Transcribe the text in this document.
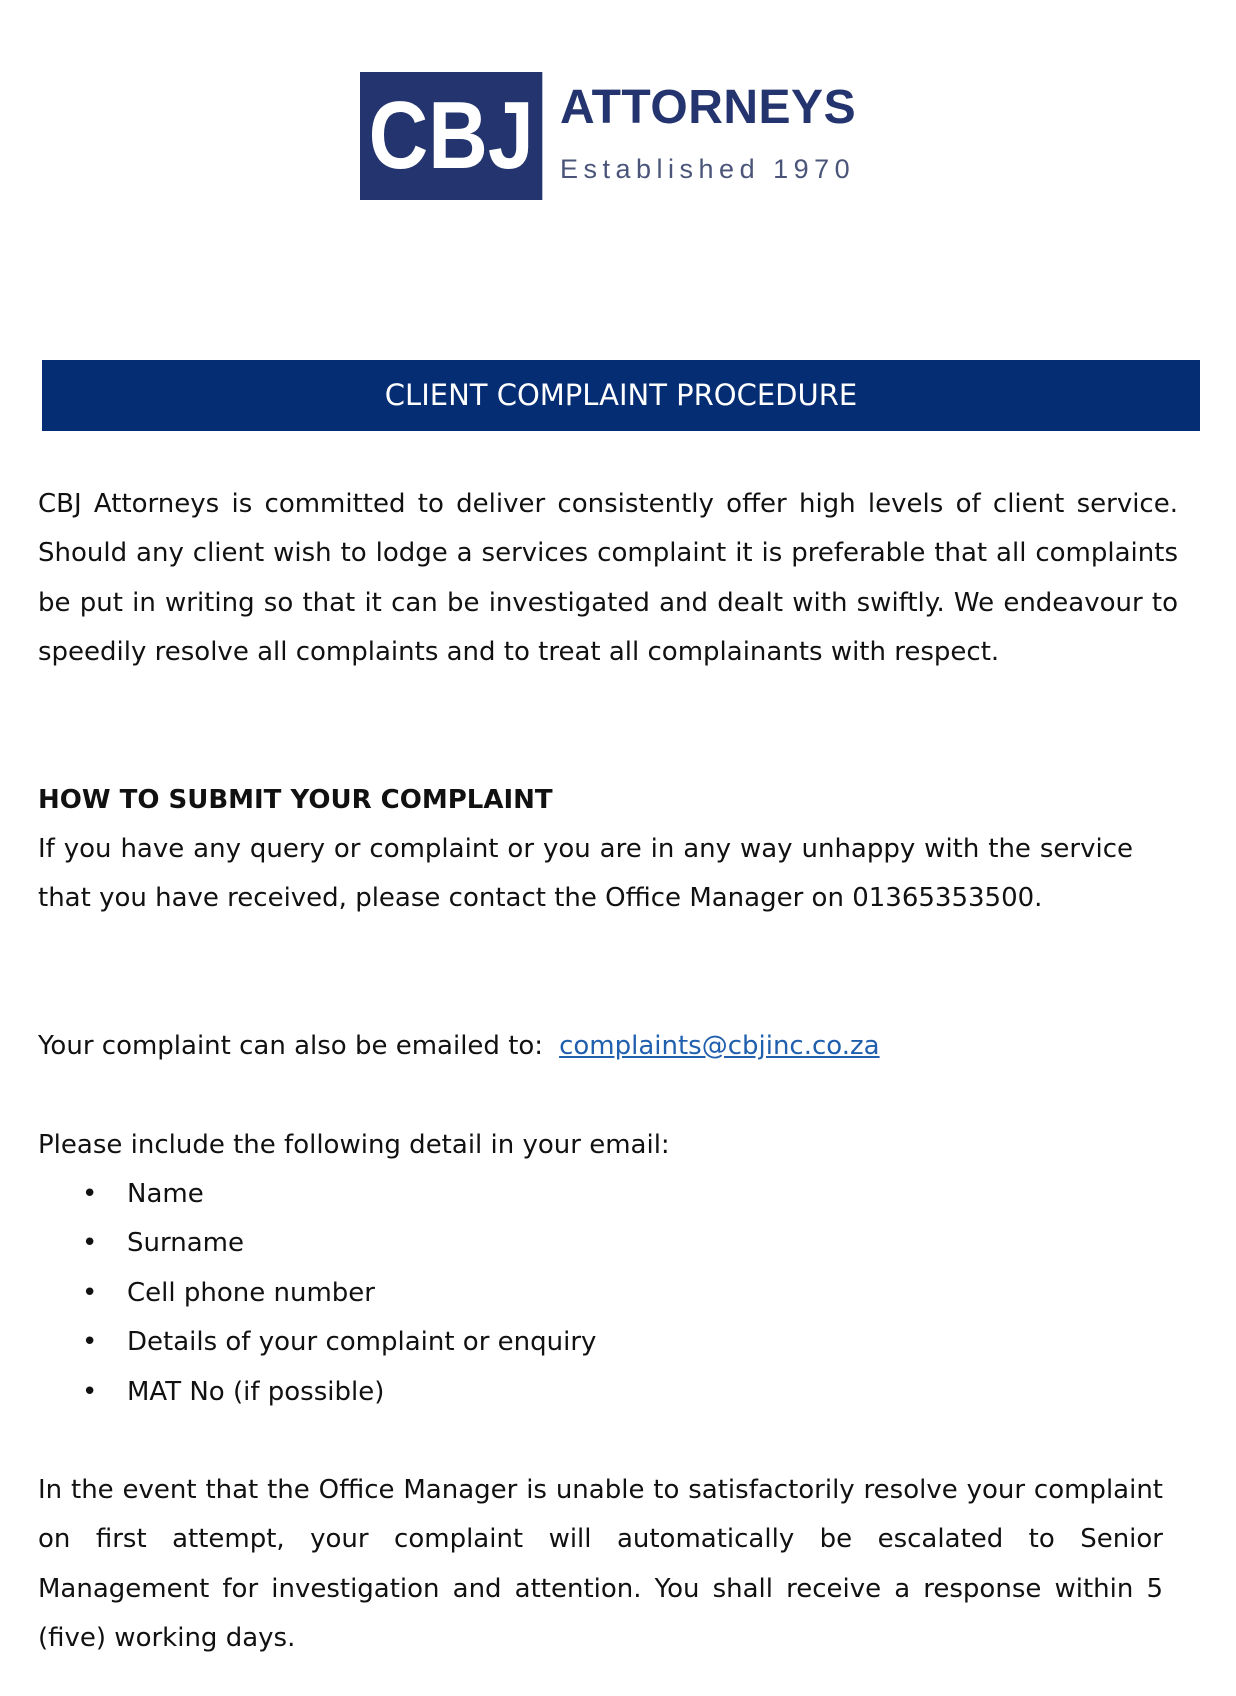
CBJ ATTORNEYS
Established 1970
CLIENT COMPLAINT PROCEDURE

CBJ Attorneys is committed to deliver consistently offer high levels of client service. Should any client wish to lodge a services complaint it is preferable that all complaints be put in writing so that it can be investigated and dealt with swiftly. We endeavour to speedily resolve all complaints and to treat all complainants with respect.

HOW TO SUBMIT YOUR COMPLAINT

If you have any query or complaint or you are in any way unhappy with the service that you have received, please contact the Office Manager on 01365353500.

Your complaint can also be emailed to: complaints@cbjinc.co.za

Please include the following detail in your email:

• Name
• Surname
• Cell phone number
• Details of your complaint or enquiry
• MAT No (if possible)

In the event that the Office Manager is unable to satisfactorily resolve your complaint on first attempt, your complaint will automatically be escalated to Senior Management for investigation and attention. You shall receive a response within 5 (five) working days.
